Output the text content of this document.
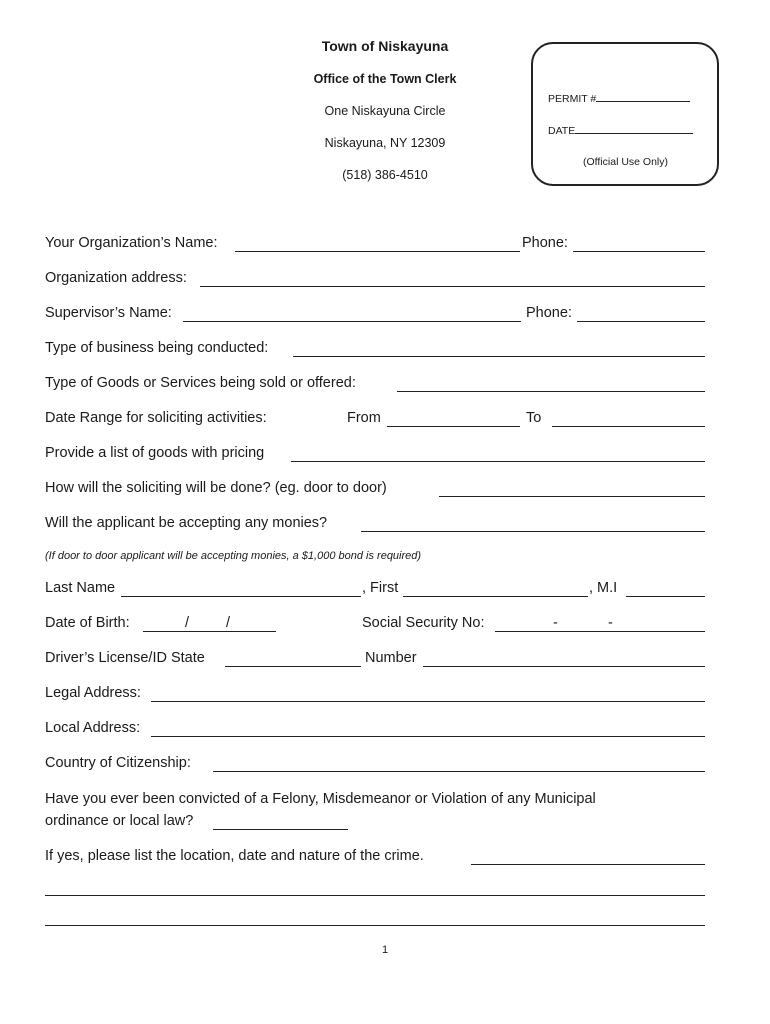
Town of Niskayuna
Office of the Town Clerk
One Niskayuna Circle
Niskayuna, NY 12309
(518) 386-4510
PERMIT #
DATE
(Official Use Only)
Your Organization’s Name:	Phone:
Organization address:
Supervisor’s Name:	Phone:
Type of business being conducted:
Type of Goods or Services being sold or offered:
Date Range for soliciting activities:	From	To
Provide a list of goods with pricing
How will the soliciting will be done? (eg. door to door)
Will the applicant be accepting any monies?
(If door to door applicant will be accepting monies, a $1,000 bond is required)
Last Name	, First	, M.I
Date of Birth:	/	/	Social Security No:	-	-
Driver’s License/ID State	Number
Legal Address:
Local Address:
Country of Citizenship:
Have you ever been convicted of a Felony, Misdemeanor or Violation of any Municipal
ordinance or local law?
If yes, please list the location, date and nature of the crime.
1
